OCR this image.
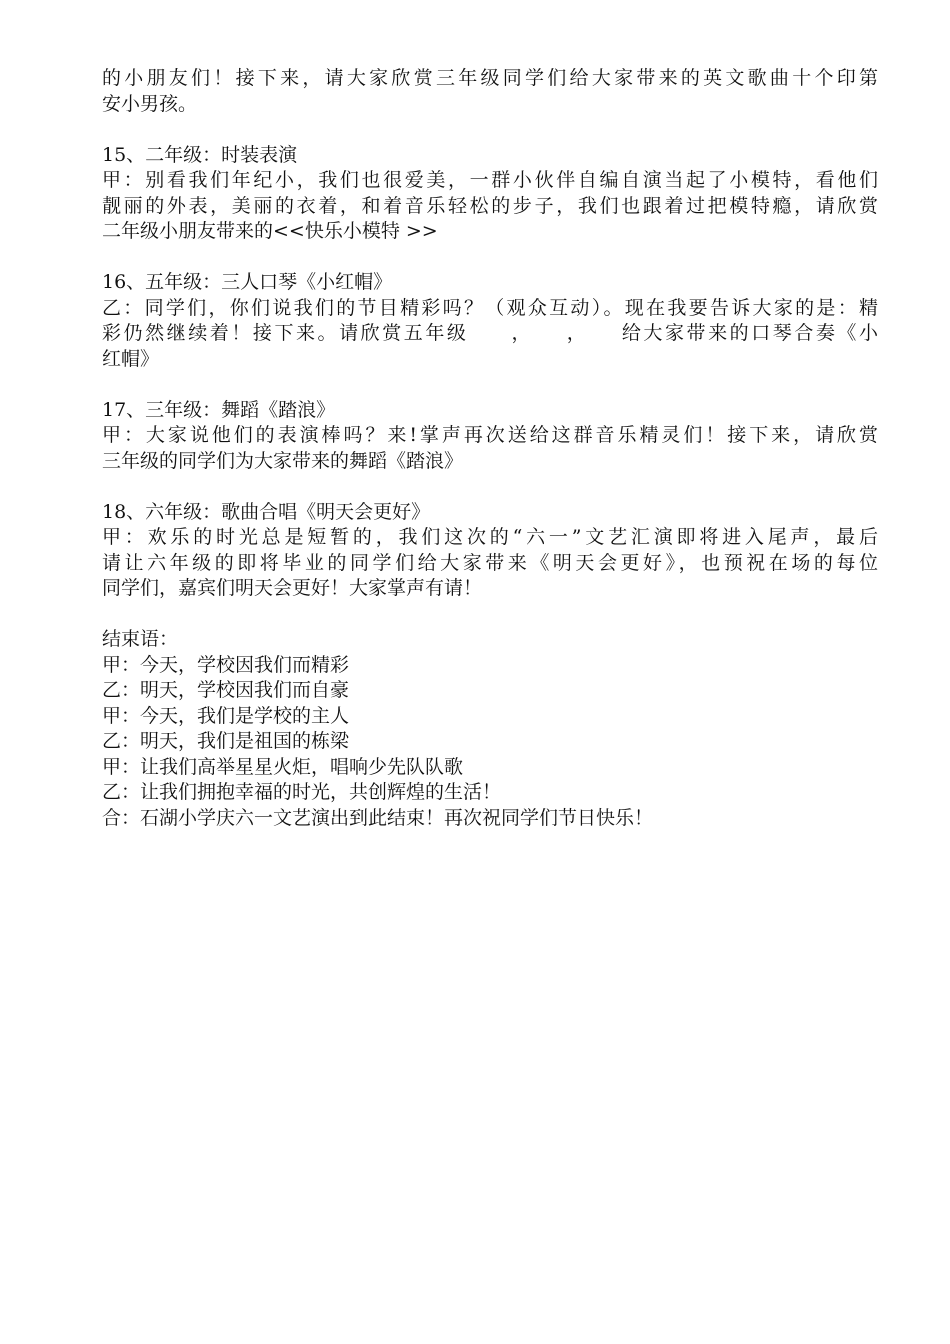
的小朋友们！接下来，请大家欣赏三年级同学们给大家带来的英文歌曲十个印第
安小男孩。
15、二年级：时装表演
甲：别看我们年纪小，我们也很爱美，一群小伙伴自编自演当起了小模特，看他们
靓丽的外表，美丽的衣着，和着音乐轻松的步子，我们也跟着过把模特瘾，请欣赏
二年级小朋友带来的<<快乐小模特 >>
16、五年级：三人口琴《小红帽》
乙：同学们，你们说我们的节目精彩吗？（观众互动）。现在我要告诉大家的是：精
彩仍然继续着！接下来。请欣赏五年级　　，　　，　　给大家带来的口琴合奏《小
红帽》
17、三年级：舞蹈《踏浪》
甲：大家说他们的表演棒吗？来!掌声再次送给这群音乐精灵们！接下来，请欣赏
三年级的同学们为大家带来的舞蹈《踏浪》
18、六年级：歌曲合唱《明天会更好》
甲：欢乐的时光总是短暂的，我们这次的“六一”文艺汇演即将进入尾声，最后
请让六年级的即将毕业的同学们给大家带来《明天会更好》，也预祝在场的每位
同学们，嘉宾们明天会更好！大家掌声有请！
结束语：
甲：今天，学校因我们而精彩
乙：明天，学校因我们而自豪
甲：今天，我们是学校的主人
乙：明天，我们是祖国的栋梁
甲：让我们高举星星火炬，唱响少先队队歌
乙：让我们拥抱幸福的时光，共创辉煌的生活！
合：石湖小学庆六一文艺演出到此结束！再次祝同学们节日快乐！
